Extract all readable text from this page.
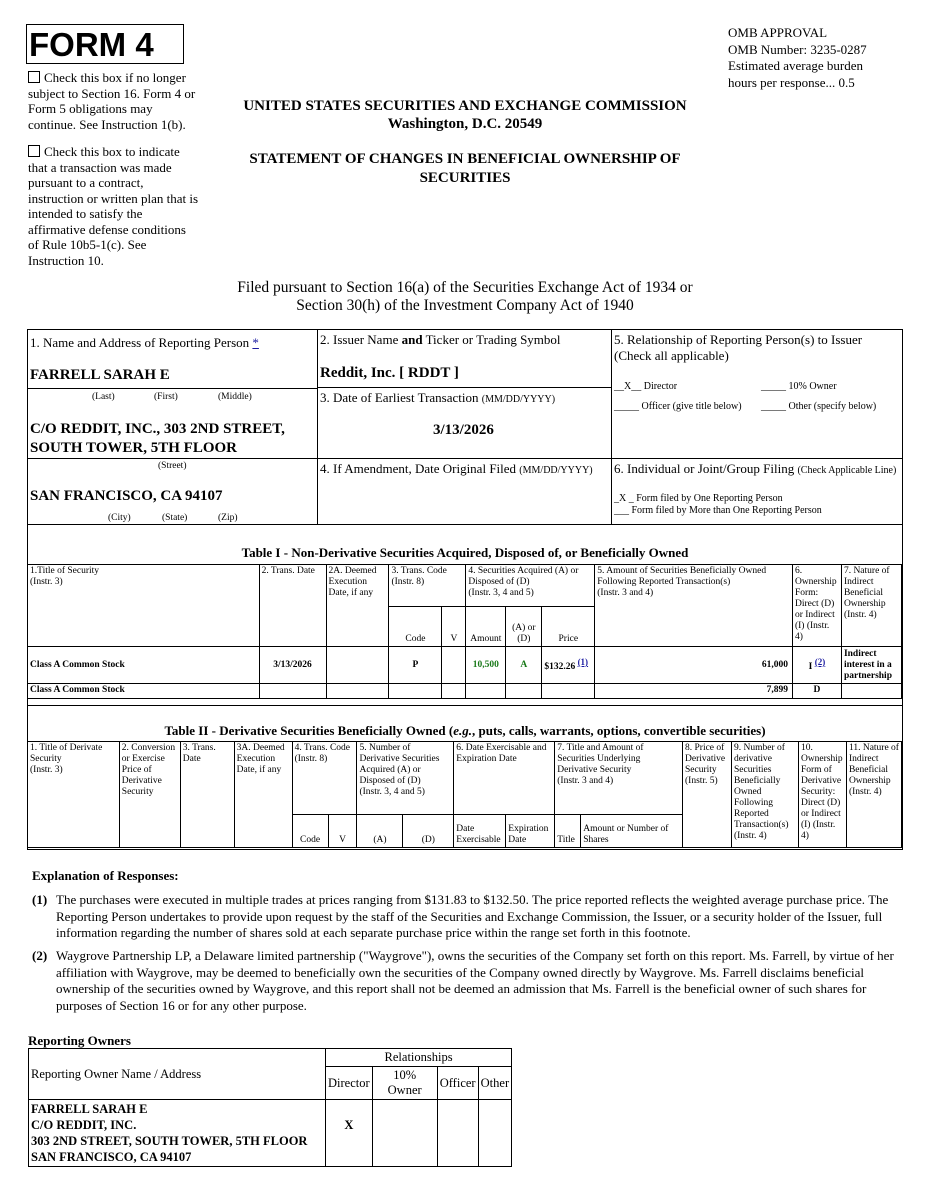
FORM 4	OMB APPROVAL
OMB Number: 3235-0287
Estimated average burden
hours per response... 0.5
Check this box if no longer
subject to Section 16. Form 4 or
Form 5 obligations may
continue. See Instruction 1(b).
Check this box to indicate
that a transaction was made
pursuant to a contract,
instruction or written plan that is
intended to satisfy the
affirmative defense conditions
of Rule 10b5-1(c). See
Instruction 10.
UNITED STATES SECURITIES AND EXCHANGE COMMISSION
Washington, D.C. 20549
STATEMENT OF CHANGES IN BENEFICIAL OWNERSHIP OF
SECURITIES
Filed pursuant to Section 16(a) of the Securities Exchange Act of 1934 or
Section 30(h) of the Investment Company Act of 1940
1. Name and Address of Reporting Person *
FARRELL SARAH E
(Last)	(First)	(Middle)
C/O REDDIT, INC., 303 2ND STREET,
SOUTH TOWER, 5TH FLOOR
(Street)
SAN FRANCISCO, CA 94107
(City)	(State)	(Zip)
2. Issuer Name and Ticker or Trading Symbol
Reddit, Inc. [ RDDT ]
3. Date of Earliest Transaction (MM/DD/YYYY)
3/13/2026
4. If Amendment, Date Original Filed (MM/DD/YYYY)
5. Relationship of Reporting Person(s) to Issuer
(Check all applicable)
__X__ Director	_____ 10% Owner
_____ Officer (give title below) _____ Other (specify below)
6. Individual or Joint/Group Filing (Check Applicable Line)
_X _ Form filed by One Reporting Person
___ Form filed by More than One Reporting Person
Table I - Non-Derivative Securities Acquired, Disposed of, or Beneficially Owned
1.Title of Security
(Instr. 3)	2. Trans. Date	2A. Deemed Execution Date, if any	3. Trans. Code (Instr. 8)		4. Securities Acquired (A) or Disposed of (D)
(Instr. 3, 4 and 5)			5. Amount of Securities Beneficially Owned Following Reported Transaction(s)
(Instr. 3 and 4)	6. Ownership Form: Direct (D) or Indirect (I) (Instr. 4)	7. Nature of Indirect Beneficial Ownership (Instr. 4)
			Code	V	Amount	(A) or (D)	Price			
Class A Common Stock	3/13/2026		P		10,500	A	$132.26 (1)	61,000	I (2)	Indirect interest in a partnership
Class A Common Stock								7,899	D	
Table II - Derivative Securities Beneficially Owned (e.g., puts, calls, warrants, options, convertible securities)
1. Title of Derivate Security
(Instr. 3)	2. Conversion or Exercise Price of Derivative Security	3. Trans. Date	3A. Deemed Execution Date, if any	4. Trans. Code (Instr. 8)		5. Number of Derivative Securities Acquired (A) or Disposed of (D)
(Instr. 3, 4 and 5)		6. Date Exercisable and Expiration Date		7. Title and Amount of Securities Underlying Derivative Security
(Instr. 3 and 4)		8. Price of Derivative Security (Instr. 5)	9. Number of derivative Securities Beneficially Owned Following Reported Transaction(s) (Instr. 4)	10. Ownership Form of Derivative Security: Direct (D) or Indirect (I) (Instr. 4)	11. Nature of Indirect Beneficial Ownership (Instr. 4)
				Code	V	(A)	(D)	Date Exercisable	Expiration Date	Title	Amount or Number of Shares				
Explanation of Responses:
(1) The purchases were executed in multiple trades at prices ranging from $131.83 to $132.50. The price reported reflects the weighted average purchase price. The Reporting Person undertakes to provide upon request by the staff of the Securities and Exchange Commission, the Issuer, or a security holder of the Issuer, full information regarding the number of shares sold at each separate purchase price within the range set forth in this footnote.
(2) Waygrove Partnership LP, a Delaware limited partnership ("Waygrove"), owns the securities of the Company set forth on this report. Ms. Farrell, by virtue of her affiliation with Waygrove, may be deemed to beneficially own the securities of the Company owned directly by Waygrove. Ms. Farrell disclaims beneficial ownership of the securities owned by Waygrove, and this report shall not be deemed an admission that Ms. Farrell is the beneficial owner of such shares for purposes of Section 16 or for any other purpose.
Reporting Owners
Reporting Owner Name / Address	Relationships			
	Director	10% Owner	Officer	Other

FARRELL SARAH E
C/O REDDIT, INC.
303 2ND STREET, SOUTH TOWER, 5TH FLOOR
SAN FRANCISCO, CA 94107	X			
